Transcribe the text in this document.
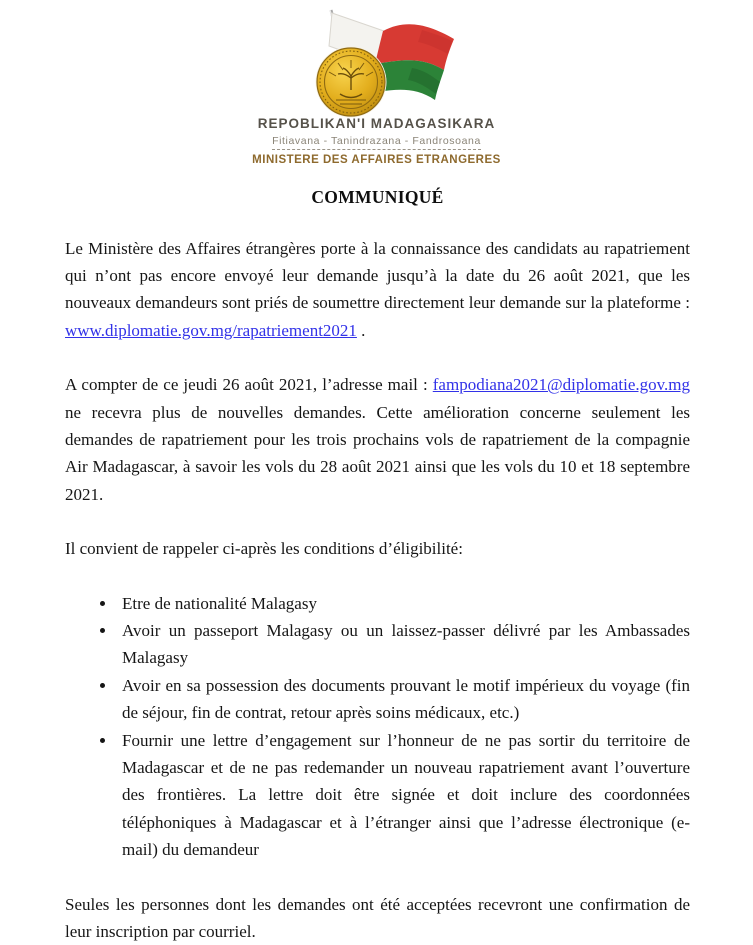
REPOBLIKAN'I MADAGASIKARA
Fitiavana - Tanindrazana - Fandrosoana
MINISTERE DES AFFAIRES ETRANGERES
COMMUNIQUÉ

Le Ministère des Affaires étrangères porte à la connaissance des candidats au rapatriement qui n’ont pas encore envoyé leur demande jusqu’à la date du 26 août 2021, que les nouveaux demandeurs sont priés de soumettre directement leur demande sur la plateforme : www.diplomatie.gov.mg/rapatriement2021 .

A compter de ce jeudi 26 août 2021, l’adresse mail : fampodiana2021@diplomatie.gov.mg ne recevra plus de nouvelles demandes. Cette amélioration concerne seulement les demandes de rapatriement pour les trois prochains vols de rapatriement de la compagnie Air Madagascar, à savoir les vols du 28 août 2021 ainsi que les vols du 10 et 18 septembre 2021.

Il convient de rappeler ci-après les conditions d’éligibilité:

• Etre de nationalité Malagasy
• Avoir un passeport Malagasy ou un laissez-passer délivré par les Ambassades Malagasy
• Avoir en sa possession des documents prouvant le motif impérieux du voyage (fin de séjour, fin de contrat, retour après soins médicaux, etc.)
• Fournir une lettre d’engagement sur l’honneur de ne pas sortir du territoire de Madagascar et de ne pas redemander un nouveau rapatriement avant l’ouverture des frontières. La lettre doit être signée et doit inclure des coordonnées téléphoniques à Madagascar et à l’étranger ainsi que l’adresse électronique (e-mail) du demandeur

Seules les personnes dont les demandes ont été acceptées recevront une confirmation de leur inscription par courriel.
